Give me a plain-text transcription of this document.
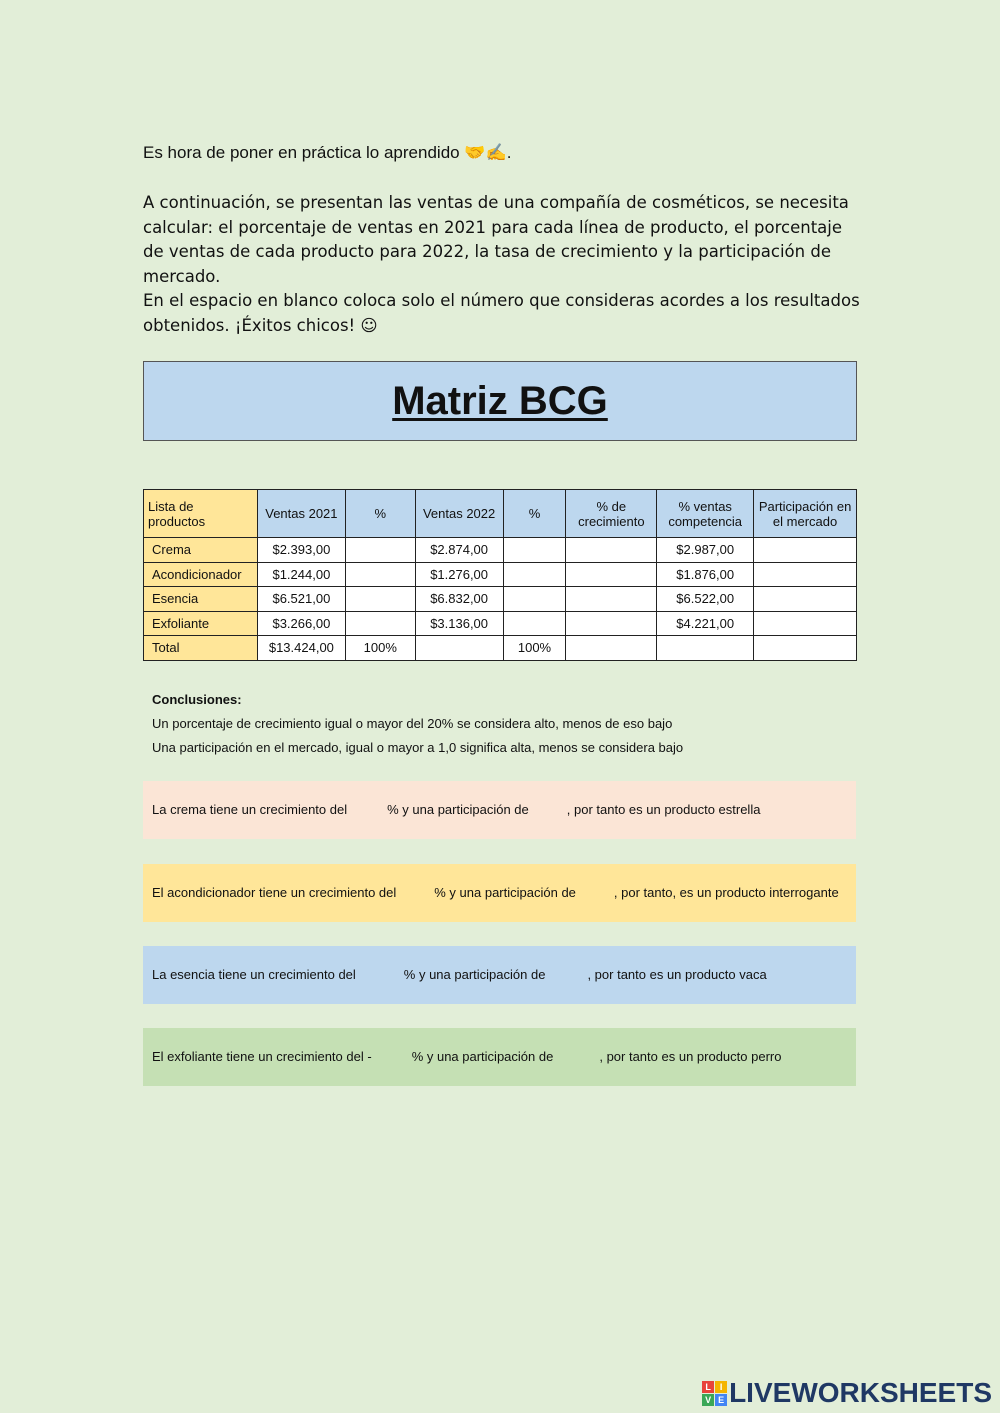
Es hora de poner en práctica lo aprendido 🤝✍.
A continuación, se presentan las ventas de una compañía de cosméticos, se necesita calcular: el porcentaje de ventas en 2021 para cada línea de producto, el porcentaje de ventas de cada producto para 2022, la tasa de crecimiento y la participación de mercado.
En el espacio en blanco coloca solo el número que consideras acordes a los resultados obtenidos. ¡Éxitos chicos! ☺
Matriz BCG
Lista de productos	Ventas 2021	%	Ventas 2022	%	% de crecimiento	% ventas competencia	Participación en el mercado
Crema	$2.393,00		$2.874,00			$2.987,00	
Acondicionador	$1.244,00		$1.276,00			$1.876,00	
Esencia	$6.521,00		$6.832,00			$6.522,00	
Exfoliante	$3.266,00		$3.136,00			$4.221,00	
Total	$13.424,00	100%		100%			
Conclusiones:
Un porcentaje de crecimiento igual o mayor del 20% se considera alto, menos de eso bajo
Una participación en el mercado, igual o mayor a 1,0 significa alta, menos se considera bajo
La crema tiene un crecimiento del	% y una participación de	, por tanto es un producto estrella
El acondicionador tiene un crecimiento del	% y una participación de	, por tanto, es un producto interrogante
La esencia tiene un crecimiento del	% y una participación de	, por tanto es un producto vaca
El exfoliante tiene un crecimiento del -	% y una participación de	, por tanto es un producto perro
L I
V E LIVEWORKSHEETS
